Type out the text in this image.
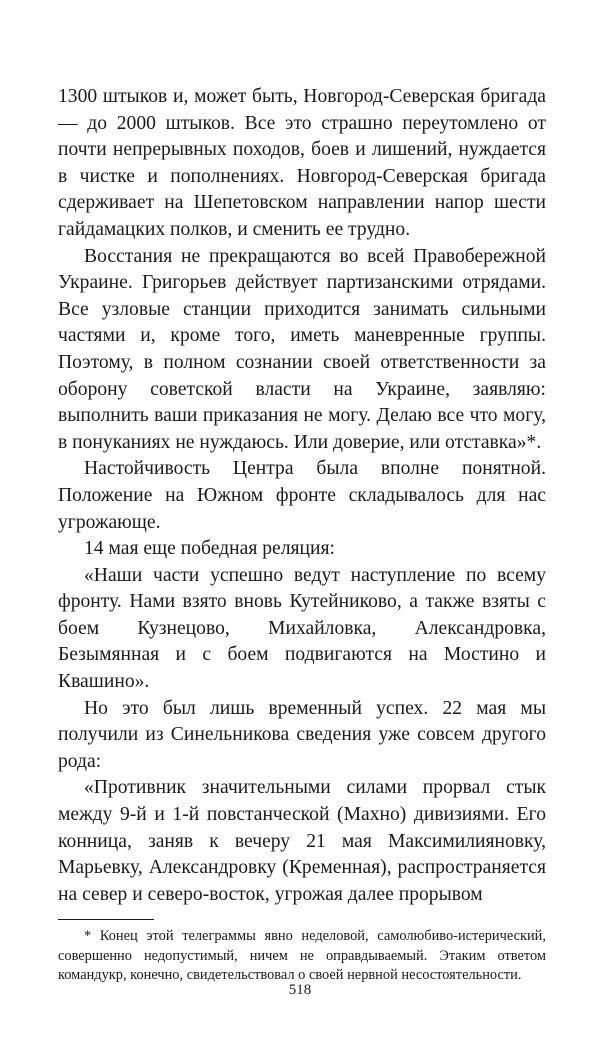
1300 штыков и, может быть, Новгород-Северская бригада — до 2000 штыков. Все это страшно переутомлено от почти непрерывных походов, боев и лишений, нуждается в чистке и пополнениях. Новгород-Северская бригада сдерживает на Шепетовском направлении напор шести гайдамацких полков, и сменить ее трудно.

Восстания не прекращаются во всей Правобережной Украине. Григорьев действует партизанскими отрядами. Все узловые станции приходится занимать сильными частями и, кроме того, иметь маневренные группы. Поэтому, в полном сознании своей ответственности за оборону советской власти на Украине, заявляю: выполнить ваши приказания не могу. Делаю все что могу, в понуканиях не нуждаюсь. Или доверие, или отставка»*.

Настойчивость Центра была вполне понятной. Положение на Южном фронте складывалось для нас угрожающе.

14 мая еще победная реляция:

«Наши части успешно ведут наступление по всему фронту. Нами взято вновь Кутейниково, а также взяты с боем Кузнецово, Михайловка, Александровка, Безымянная и с боем подвигаются на Мостино и Квашино».

Но это был лишь временный успех. 22 мая мы получили из Синельникова сведения уже совсем другого рода:

«Противник значительными силами прорвал стык между 9-й и 1-й повстанческой (Махно) дивизиями. Его конница, заняв к вечеру 21 мая Максимилияновку, Марьевку, Александровку (Кременная), распространяется на север и северо-восток, угрожая далее прорывом

* Конец этой телеграммы явно неделовой, самолюбиво-истерический, совершенно недопустимый, ничем не оправдываемый. Этаким ответом командукр, конечно, свидетельствовал о своей нервной несостоятельности.

518
